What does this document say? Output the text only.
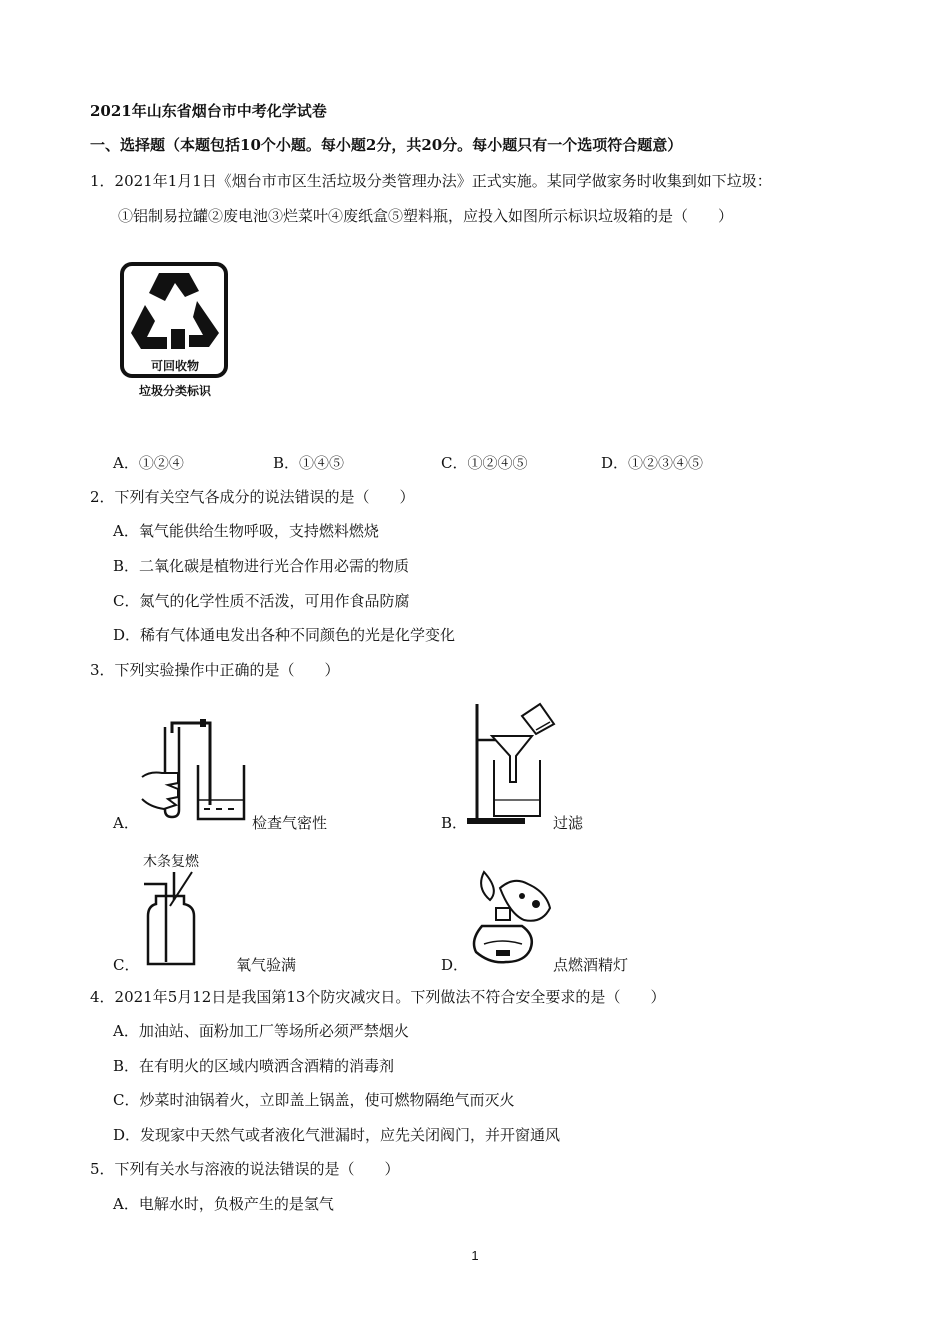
2021年山东省烟台市中考化学试卷
一、选择题（本题包括10个小题。每小题2分，共20分。每小题只有一个选项符合题意）
1．2021年1月1日《烟台市市区生活垃圾分类管理办法》正式实施。某同学做家务时收集到如下垃圾：
①铝制易拉罐②废电池③烂菜叶④废纸盒⑤塑料瓶，应投入如图所示标识垃圾箱的是（　　）
可回收物
垃圾分类标识
A．①②④	B．①④⑤	C．①②④⑤	D．①②③④⑤
2．下列有关空气各成分的说法错误的是（　　）
A．氧气能供给生物呼吸，支持燃料燃烧
B．二氧化碳是植物进行光合作用必需的物质
C．氮气的化学性质不活泼，可用作食品防腐
D．稀有气体通电发出各种不同颜色的光是化学变化
3．下列实验操作中正确的是（　　）
A．	检查气密性	B．	过滤
木条复燃
C．	氧气验满	D．	点燃酒精灯
4．2021年5月12日是我国第13个防灾减灾日。下列做法不符合安全要求的是（　　）
A．加油站、面粉加工厂等场所必须严禁烟火
B．在有明火的区域内喷洒含酒精的消毒剂
C．炒菜时油锅着火，立即盖上锅盖，使可燃物隔绝气而灭火
D．发现家中天然气或者液化气泄漏时，应先关闭阀门，并开窗通风
5．下列有关水与溶液的说法错误的是（　　）
A．电解水时，负极产生的是氢气
1
